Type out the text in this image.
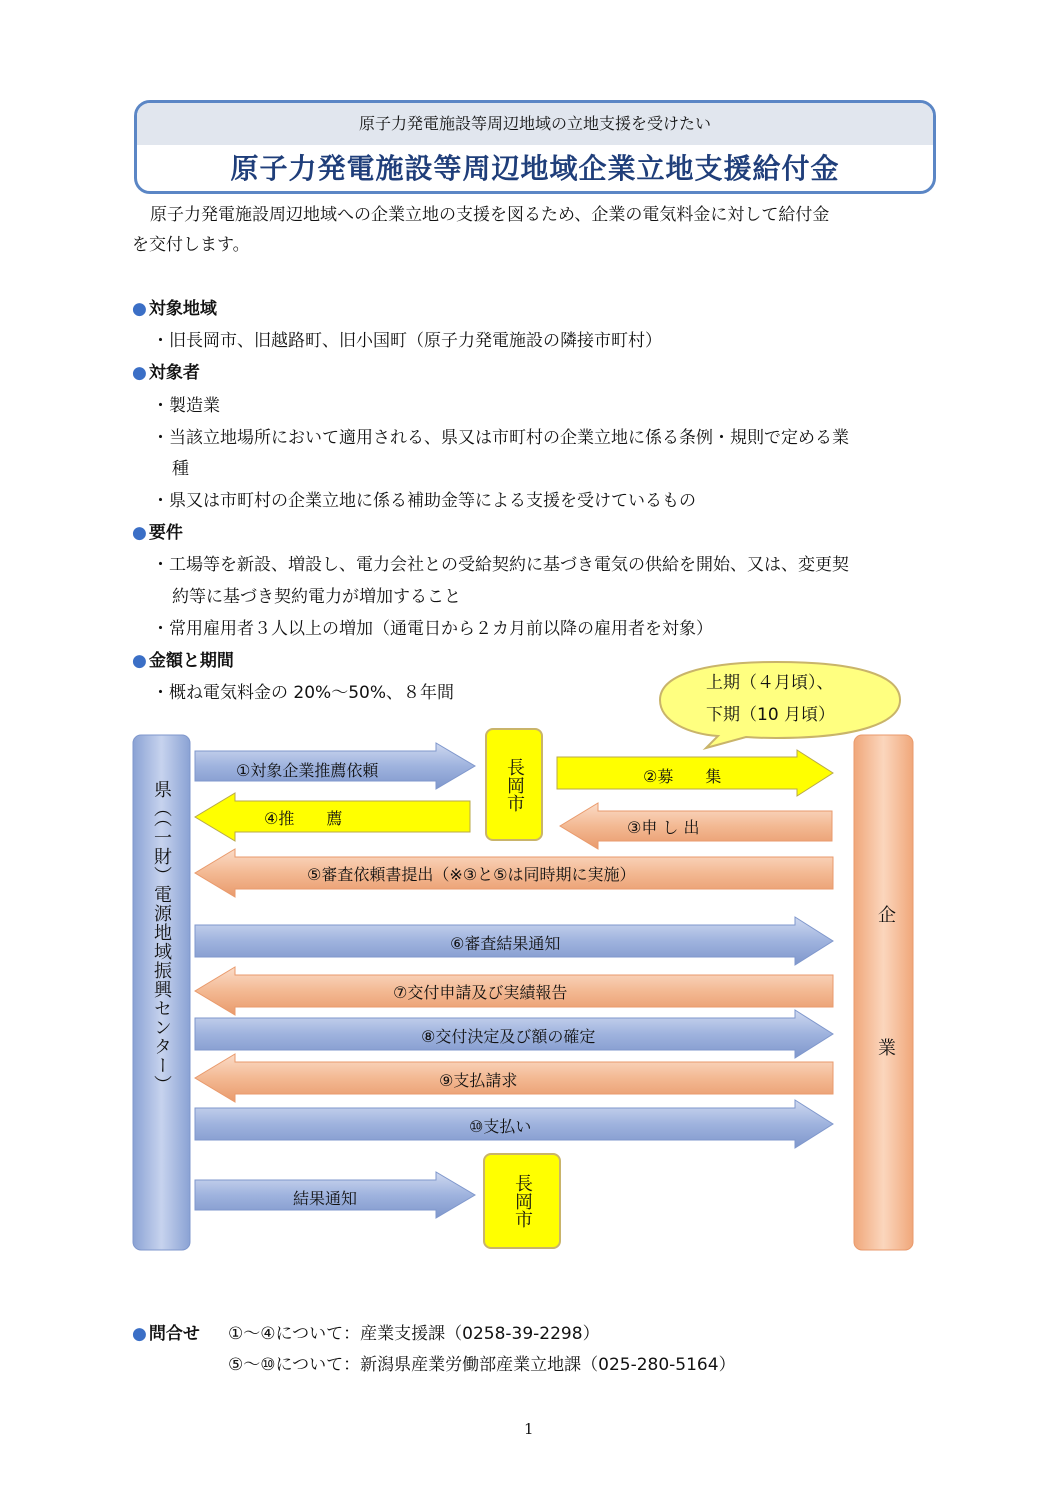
原子力発電施設等周辺地域の立地支援を受けたい
原子力発電施設等周辺地域企業立地支援給付金
原子力発電施設周辺地域への企業立地の支援を図るため、企業の電気料金に対して給付金
を交付します。
● 対象地域
・旧長岡市、旧越路町、旧小国町（原子力発電施設の隣接市町村）
● 対象者
・製造業
・当該立地場所において適用される、県又は市町村の企業立地に係る条例・規則で定める業
種
・県又は市町村の企業立地に係る補助金等による支援を受けているもの
● 要件
・工場等を新設、増設し、電力会社との受給契約に基づき電気の供給を開始、又は、変更契
約等に基づき契約電力が増加すること
・常用雇用者３人以上の増加（通電日から２カ月前以降の雇用者を対象）
● 金額と期間
・概ね電気料金の 20%〜50%、８年間	上期（４月頃）、
下期（10 月頃）
県（（一財）電源地域振興センター）	企
業
長岡市
長岡市
①対象企業推薦依頼	②募　　集
④推　　薦	③申 し 出
⑤審査依頼書提出（※③と⑤は同時期に実施）
⑥審査結果通知
⑦交付申請及び実績報告
⑧交付決定及び額の確定
⑨支払請求
⑩支払い
結果通知
● 問合せ ①〜④について：産業支援課（0258-39-2298）
⑤〜⑩について：新潟県産業労働部産業立地課（025-280-5164）
1
